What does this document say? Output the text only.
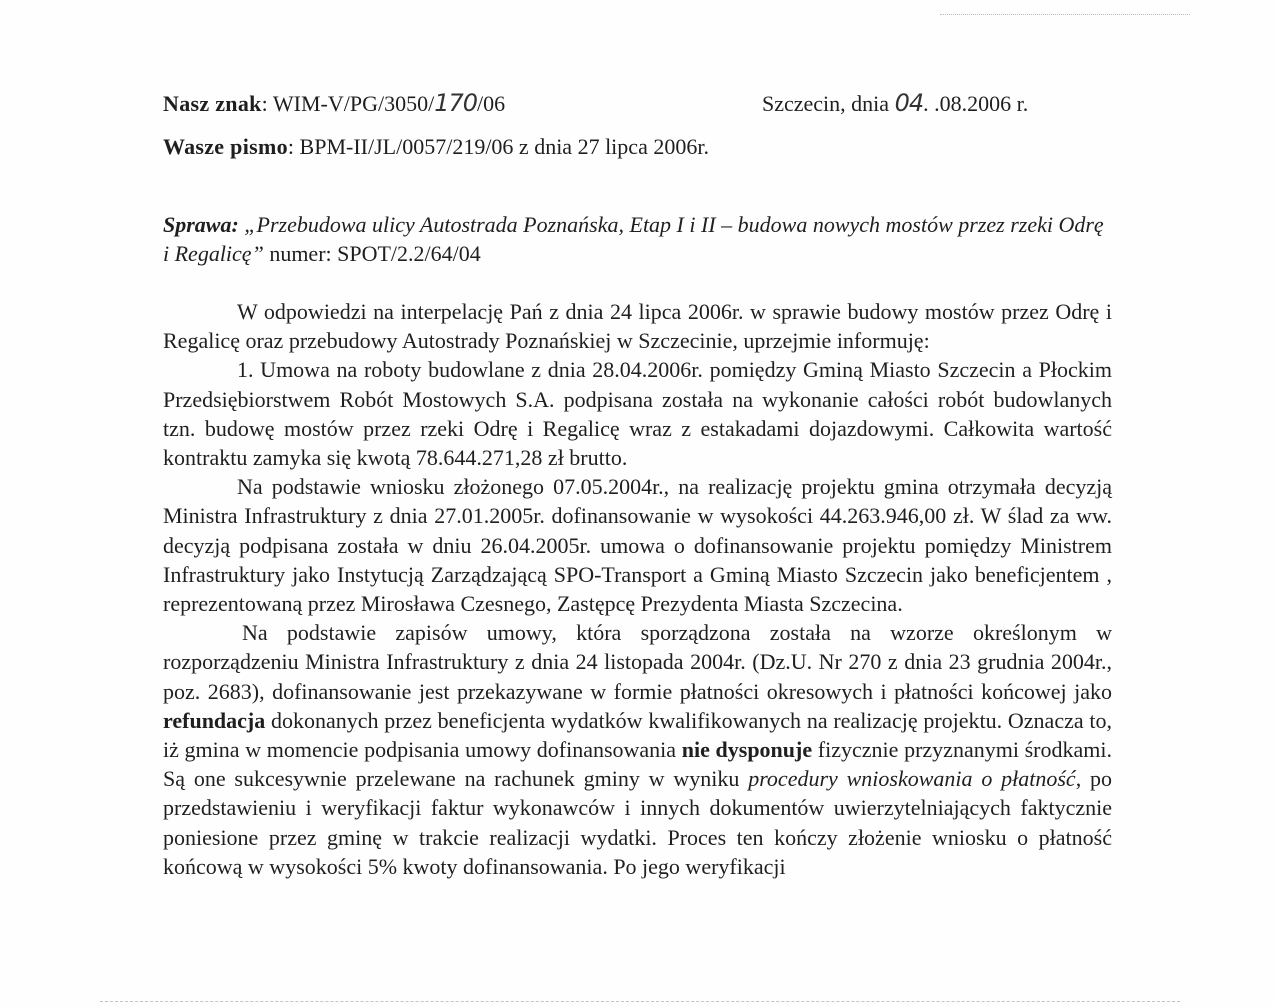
Nasz znak: WIM-V/PG/3050/170/06	Szczecin, dnia 04. .08.2006 r.
Wasze pismo: BPM-II/JL/0057/219/06 z dnia 27 lipca 2006r.
Sprawa: „Przebudowa ulicy Autostrada Poznańska, Etap I i II – budowa nowych mostów przez rzeki Odrę i Regalicę” numer: SPOT/2.2/64/04

W odpowiedzi na interpelację Pań z dnia 24 lipca 2006r. w sprawie budowy mostów przez Odrę i Regalicę oraz przebudowy Autostrady Poznańskiej w Szczecinie, uprzejmie informuję:

1. Umowa na roboty budowlane z dnia 28.04.2006r. pomiędzy Gminą Miasto Szczecin a Płockim Przedsiębiorstwem Robót Mostowych S.A. podpisana została na wykonanie całości robót budowlanych tzn. budowę mostów przez rzeki Odrę i Regalicę wraz z estakadami dojazdowymi. Całkowita wartość kontraktu zamyka się kwotą 78.644.271,28 zł brutto.

Na podstawie wniosku złożonego 07.05.2004r., na realizację projektu gmina otrzymała decyzją Ministra Infrastruktury z dnia 27.01.2005r. dofinansowanie w wysokości 44.263.946,00 zł. W ślad za ww. decyzją podpisana została w dniu 26.04.2005r. umowa o dofinansowanie projektu pomiędzy Ministrem Infrastruktury jako Instytucją Zarządzającą SPO-Transport a Gminą Miasto Szczecin jako beneficjentem , reprezentowaną przez Mirosława Czesnego, Zastępcę Prezydenta Miasta Szczecina.

Na podstawie zapisów umowy, która sporządzona została na wzorze określonym w rozporządzeniu Ministra Infrastruktury z dnia 24 listopada 2004r. (Dz.U. Nr 270 z dnia 23 grudnia 2004r., poz. 2683), dofinansowanie jest przekazywane w formie płatności okresowych i płatności końcowej jako refundacja dokonanych przez beneficjenta wydatków kwalifikowanych na realizację projektu. Oznacza to, iż gmina w momencie podpisania umowy dofinansowania nie dysponuje fizycznie przyznanymi środkami. Są one sukcesywnie przelewane na rachunek gminy w wyniku procedury wnioskowania o płatność, po przedstawieniu i weryfikacji faktur wykonawców i innych dokumentów uwierzytelniających faktycznie poniesione przez gminę w trakcie realizacji wydatki. Proces ten kończy złożenie wniosku o płatność końcową w wysokości 5% kwoty dofinansowania. Po jego weryfikacji
